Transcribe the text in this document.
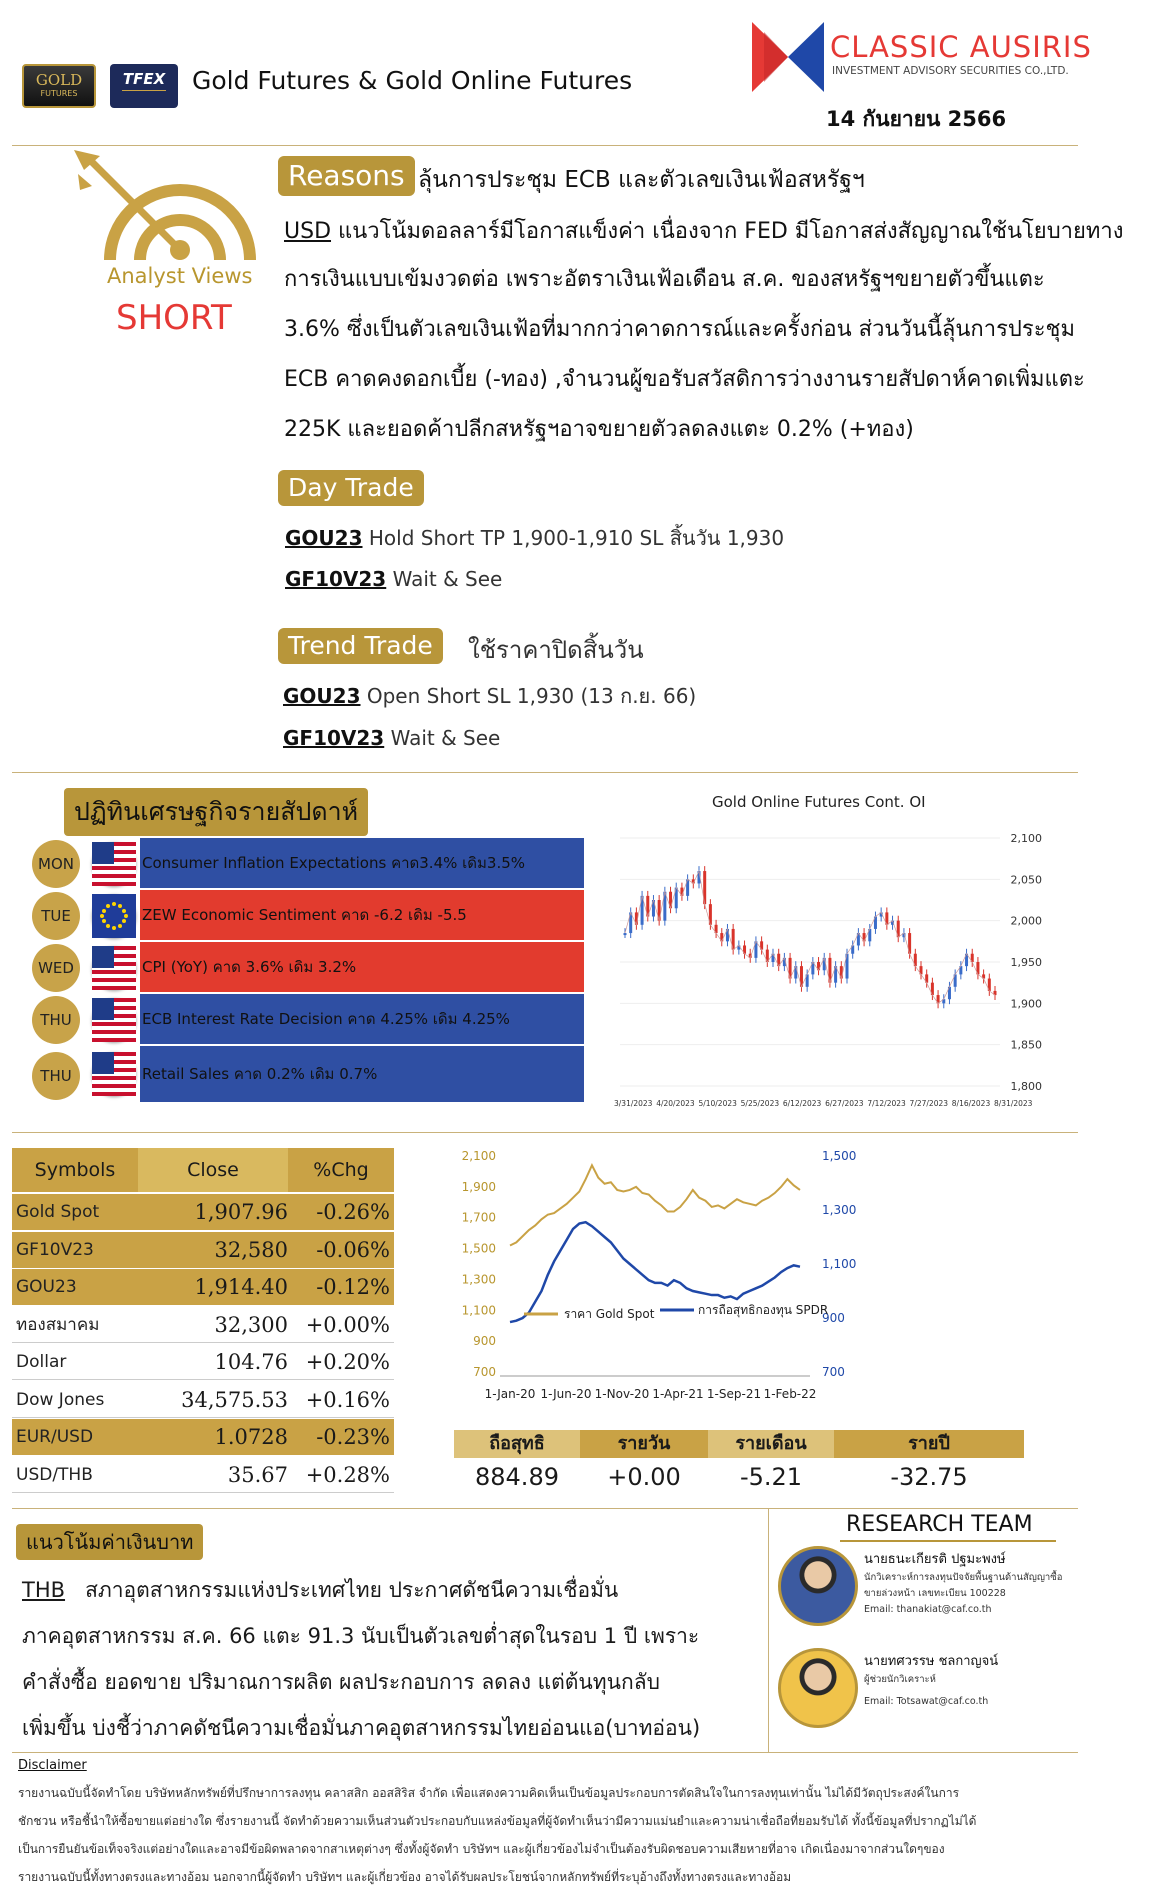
GOLD
FUTURES
TFEX	Gold Futures & Gold Online Futures
CLASSIC AUSIRIS
INVESTMENT ADVISORY SECURITIES CO.,LTD.
14 กันยายน 2566
Analyst Views
SHORT
Reasons ลุ้นการประชุม ECB และตัวเลขเงินเฟ้อสหรัฐฯ
USD แนวโน้มดอลลาร์มีโอกาสแข็งค่า เนื่องจาก FED มีโอกาสส่งสัญญาณใช้นโยบายทาง
การเงินแบบเข้มงวดต่อ เพราะอัตราเงินเฟ้อเดือน ส.ค. ของสหรัฐฯขยายตัวขึ้นแตะ
3.6% ซึ่งเป็นตัวเลขเงินเฟ้อที่มากกว่าคาดการณ์และครั้งก่อน ส่วนวันนี้ลุ้นการประชุม
ECB คาดคงดอกเบี้ย (-ทอง) ,จำนวนผู้ขอรับสวัสดิการว่างงานรายสัปดาห์คาดเพิ่มแตะ
225K และยอดค้าปลีกสหรัฐฯอาจขยายตัวลดลงแตะ 0.2% (+ทอง)
Day Trade
GOU23 Hold Short TP 1,900-1,910 SL สิ้นวัน 1,930
GF10V23 Wait & See
Trend Trade	ใช้ราคาปิดสิ้นวัน
GOU23 Open Short SL 1,930 (13 ก.ย. 66)
GF10V23 Wait & See
ปฏิทินเศรษฐกิจรายสัปดาห์
MON	Consumer Inflation Expectations คาด3.4% เดิม3.5%
TUE	ZEW Economic Sentiment คาด -6.2 เดิม -5.5
WED	CPI (YoY) คาด 3.6% เดิม 3.2%
THU	ECB Interest Rate Decision คาด 4.25% เดิม 4.25%
THU	Retail Sales คาด 0.2% เดิม 0.7%
Gold Online Futures Cont. OI
2,100
2,050
2,000
1,950
1,900
1,850
1,800
3/31/2023 4/20/2023 5/10/2023 5/25/2023 6/12/2023 6/27/2023 7/12/2023 7/27/2023 8/16/2023 8/31/2023
Symbols	Close	%Chg
Gold Spot	1,907.96 -0.26%
GF10V23	32,580 -0.06%
GOU23	1,914.40 -0.12%
ทองสมาคม	32,300 +0.00%
Dollar	104.76 +0.20%
Dow Jones	34,575.53 +0.16%
EUR/USD	1.0728 -0.23%
USD/THB	35.67 +0.28%
2,100
1,900
1,700
1,500
1,300
1,100
900
700
1,500
1,300
1,100
900
700
1-Jan-20 1-Jun-20 1-Nov-20 1-Apr-21 1-Sep-21 1-Feb-22
ราคา Gold Spot	การถือสุทธิกองทุน SPDR
ถือสุทธิ	รายวัน	รายเดือน	รายปี
884.89	+0.00	-5.21	-32.75
แนวโน้มค่าเงินบาท
THB สภาอุตสาหกรรมแห่งประเทศไทย ประกาศดัชนีความเชื่อมั่น
ภาคอุตสาหกรรม ส.ค. 66 แตะ 91.3 นับเป็นตัวเลขต่ำสุดในรอบ 1 ปี เพราะ
คำสั่งซื้อ ยอดขาย ปริมาณการผลิต ผลประกอบการ ลดลง แต่ต้นทุนกลับ
เพิ่มขึ้น บ่งชี้ว่าภาคดัชนีความเชื่อมั่นภาคอุตสาหกรรมไทยอ่อนแอ(บาทอ่อน)
RESEARCH TEAM
นายธนะเกียรติ ปฐมะพงษ์
นักวิเคราะห์การลงทุนปัจจัยพื้นฐานด้านสัญญาซื้อ
ขายล่วงหน้า เลขทะเบียน 100228
Email: thanakiat@caf.co.th
นายทศวรรษ ชลกาญจน์
ผู้ช่วยนักวิเคราะห์
Email: Totsawat@caf.co.th
Disclaimer
รายงานฉบับนี้จัดทำโดย บริษัทหลักทรัพย์ที่ปรึกษาการลงทุน คลาสสิก ออสสิริส จำกัด เพื่อแสดงความคิดเห็นเป็นข้อมูลประกอบการตัดสินใจในการลงทุนเท่านั้น ไม่ได้มีวัตถุประสงค์ในการ
ชักชวน หรือชี้นำให้ซื้อขายแต่อย่างใด ซึ่งรายงานนี้ จัดทำด้วยความเห็นส่วนตัวประกอบกับแหล่งข้อมูลที่ผู้จัดทำเห็นว่ามีความแม่นยำและความน่าเชื่อถือที่ยอมรับได้ ทั้งนี้ข้อมูลที่ปรากฏไม่ได้
เป็นการยืนยันข้อเท็จจริงแต่อย่างใดและอาจมีข้อผิดพลาดจากสาเหตุต่างๆ ซึ่งทั้งผู้จัดทำ บริษัทฯ และผู้เกี่ยวข้องไม่จำเป็นต้องรับผิดชอบความเสียหายที่อาจ เกิดเนื่องมาจากส่วนใดๆของ
รายงานฉบับนี้ทั้งทางตรงและทางอ้อม นอกจากนี้ผู้จัดทำ บริษัทฯ และผู้เกี่ยวข้อง อาจได้รับผลประโยชน์จากหลักทรัพย์ที่ระบุอ้างถึงทั้งทางตรงและทางอ้อม
